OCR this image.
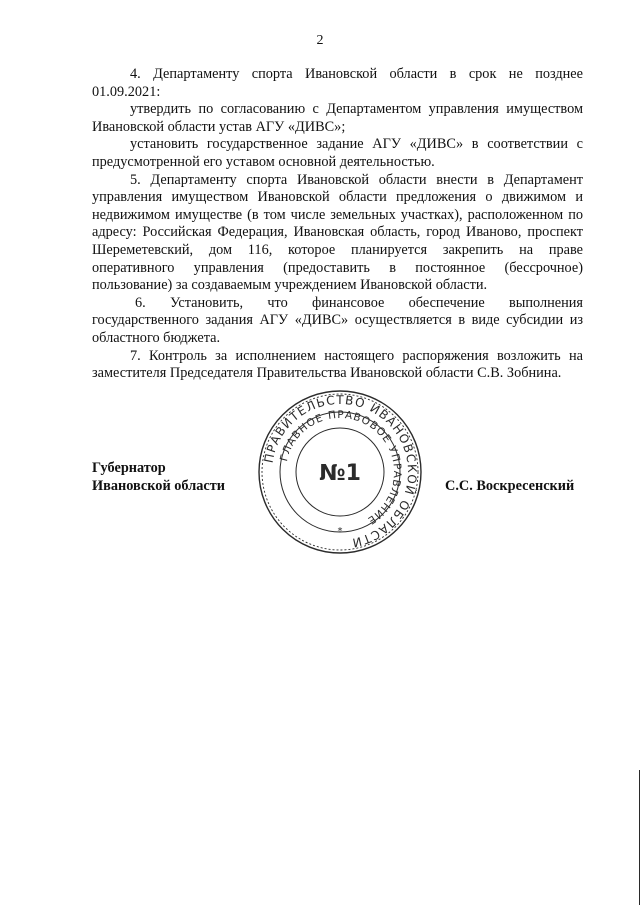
2

4. Департаменту спорта Ивановской области в срок не позднее 01.09.2021:

утвердить по согласованию с Департаментом управления имуществом Ивановской области устав АГУ «ДИВС»;

установить государственное задание АГУ «ДИВС» в соответствии с предусмотренной его уставом основной деятельностью.

5. Департаменту спорта Ивановской области внести в Департамент управления имуществом Ивановской области предложения о движимом и недвижимом имуществе (в том числе земельных участках), расположенном по адресу: Российская Федерация, Ивановская область, город Иваново, проспект Шереметевский, дом 116, которое планируется закрепить на праве оперативного управления (предоставить в постоянное (бессрочное) пользование) за создаваемым учреждением Ивановской области.

6. Установить, что финансовое обеспечение выполнения государственного задания АГУ «ДИВС» осуществляется в виде субсидии из областного бюджета.

7. Контроль за исполнением настоящего распоряжения возложить на заместителя Председателя Правительства Ивановской области С.В. Зобнина.

Губернатор
Ивановской области
ПРАВИТЕЛЬСТВО ИВАНОВСКОЙ ОБЛАСТИ
ГЛАВНОЕ ПРАВОВОЕ УПРАВЛЕНИЕ
№1
*
С.С. Воскресенский
